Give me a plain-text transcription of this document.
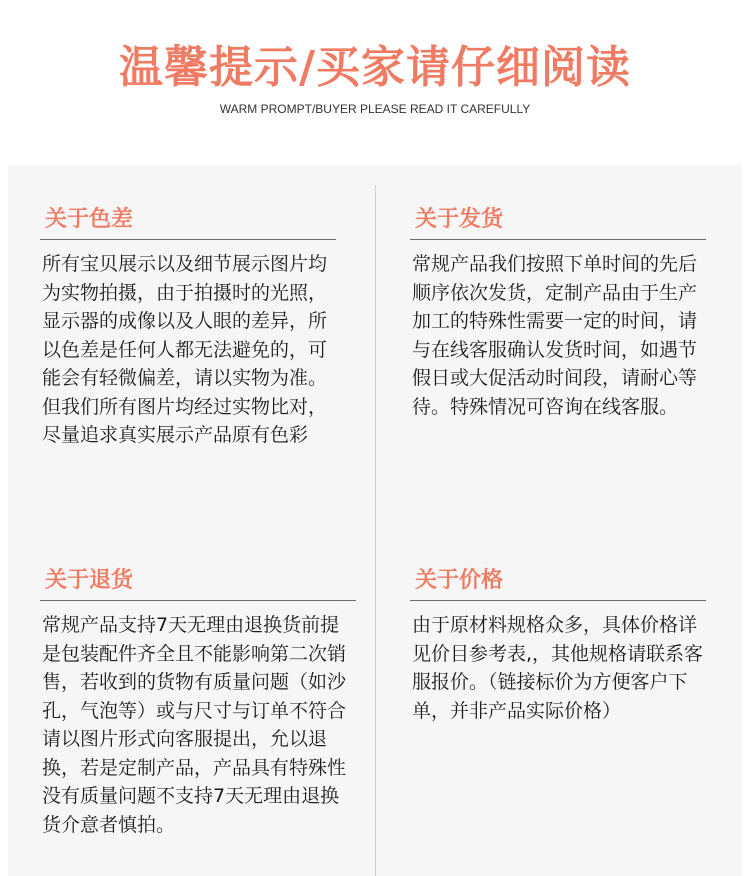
温馨提示/买家请仔细阅读
WARM PROMPT/BUYER PLEASE READ IT CAREFULLY
关于色差
所有宝贝展示以及细节展示图片均为实物拍摄，由于拍摄时的光照，显示器的成像以及人眼的差异，所以色差是任何人都无法避免的，可能会有轻微偏差，请以实物为准。但我们所有图片均经过实物比对，尽量追求真实展示产品原有色彩
关于发货
常规产品我们按照下单时间的先后顺序依次发货，定制产品由于生产加工的特殊性需要一定的时间，请与在线客服确认发货时间，如遇节假日或大促活动时间段，请耐心等待。特殊情况可咨询在线客服。
关于退货
常规产品支持7天无理由退换货前提是包装配件齐全且不能影响第二次销售，若收到的货物有质量问题（如沙孔，气泡等）或与尺寸与订单不符合请以图片形式向客服提出，允以退换，若是定制产品，产品具有特殊性没有质量问题不支持7天无理由退换货介意者慎拍。
关于价格
由于原材料规格众多，具体价格详见价目参考表,，其他规格请联系客服报价。（链接标价为方便客户下单，并非产品实际价格）
